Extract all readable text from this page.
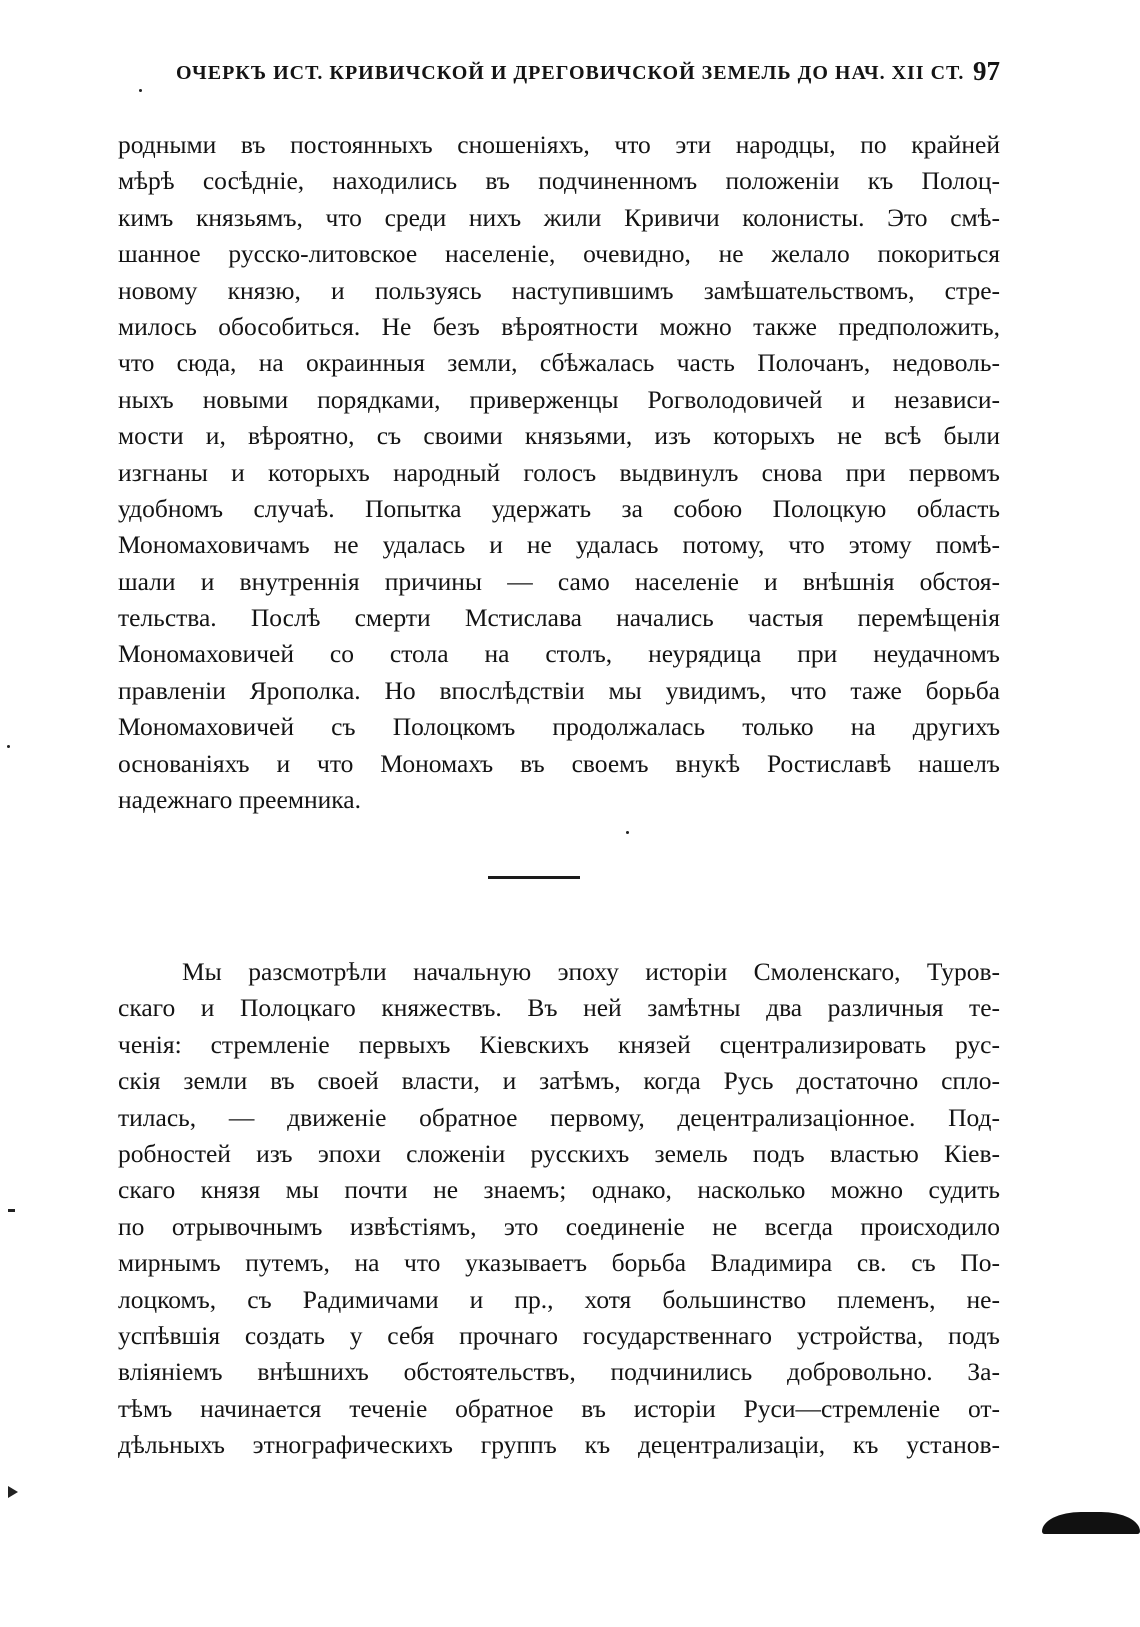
ОЧЕРКЪ ИСТ. КРИВИЧСКОЙ И ДРЕГОВИЧСКОЙ ЗЕМЕЛЬ ДО НАЧ. XII СТ. 97
родными въ постоянныхъ сношеніяхъ, что эти народцы, по крайней
мѣрѣ сосѣдніе, находились въ подчиненномъ положеніи къ Полоц-
кимъ князьямъ, что среди нихъ жили Кривичи колонисты. Это смѣ-
шанное русско-литовское населеніе, очевидно, не желало покориться
новому князю, и пользуясь наступившимъ замѣшательствомъ, стре-
милось обособиться. Не безъ вѣроятности можно также предположить,
что сюда, на окраинныя земли, сбѣжалась часть Полочанъ, недоволь-
ныхъ новыми порядками, приверженцы Рогволодовичей и независи-
мости и, вѣроятно, съ своими князьями, изъ которыхъ не всѣ были
изгнаны и которыхъ народный голосъ выдвинулъ снова при первомъ
удобномъ случаѣ. Попытка удержать за собою Полоцкую область
Мономаховичамъ не удалась и не удалась потому, что этому помѣ-
шали и внутреннія причины — само населеніе и внѣшнія обстоя-
тельства. Послѣ смерти Мстислава начались частыя перемѣщенія
Мономаховичей со стола на столъ, неурядица при неудачномъ
правленіи Ярополка. Но впослѣдствіи мы увидимъ, что таже борьба
Мономаховичей съ Полоцкомъ продолжалась только на другихъ
основаніяхъ и что Мономахъ въ своемъ внукѣ Ростиславѣ нашелъ
надежнаго преемника.
Мы разсмотрѣли начальную эпоху исторіи Смоленскаго, Туров-
скаго и Полоцкаго княжествъ. Въ ней замѣтны два различныя те-
ченія: стремленіе первыхъ Кіевскихъ князей сцентрализировать рус-
скія земли въ своей власти, и затѣмъ, когда Русь достаточно спло-
тилась, — движеніе обратное первому, децентрализаціонное. Под-
робностей изъ эпохи сложеніи русскихъ земель подъ властью Кіев-
скаго князя мы почти не знаемъ; однако, насколько можно судить
по отрывочнымъ извѣстіямъ, это соединеніе не всегда происходило
мирнымъ путемъ, на что указываетъ борьба Владимира св. съ По-
лоцкомъ, съ Радимичами и пр., хотя большинство племенъ, не-
успѣвшія создать у себя прочнаго государственнаго устройства, подъ
вліяніемъ внѣшнихъ обстоятельствъ, подчинились добровольно. За-
тѣмъ начинается теченіе обратное въ исторіи Руси—стремленіе от-
дѣльныхъ этнографическихъ группъ къ децентрализаціи, къ установ-
